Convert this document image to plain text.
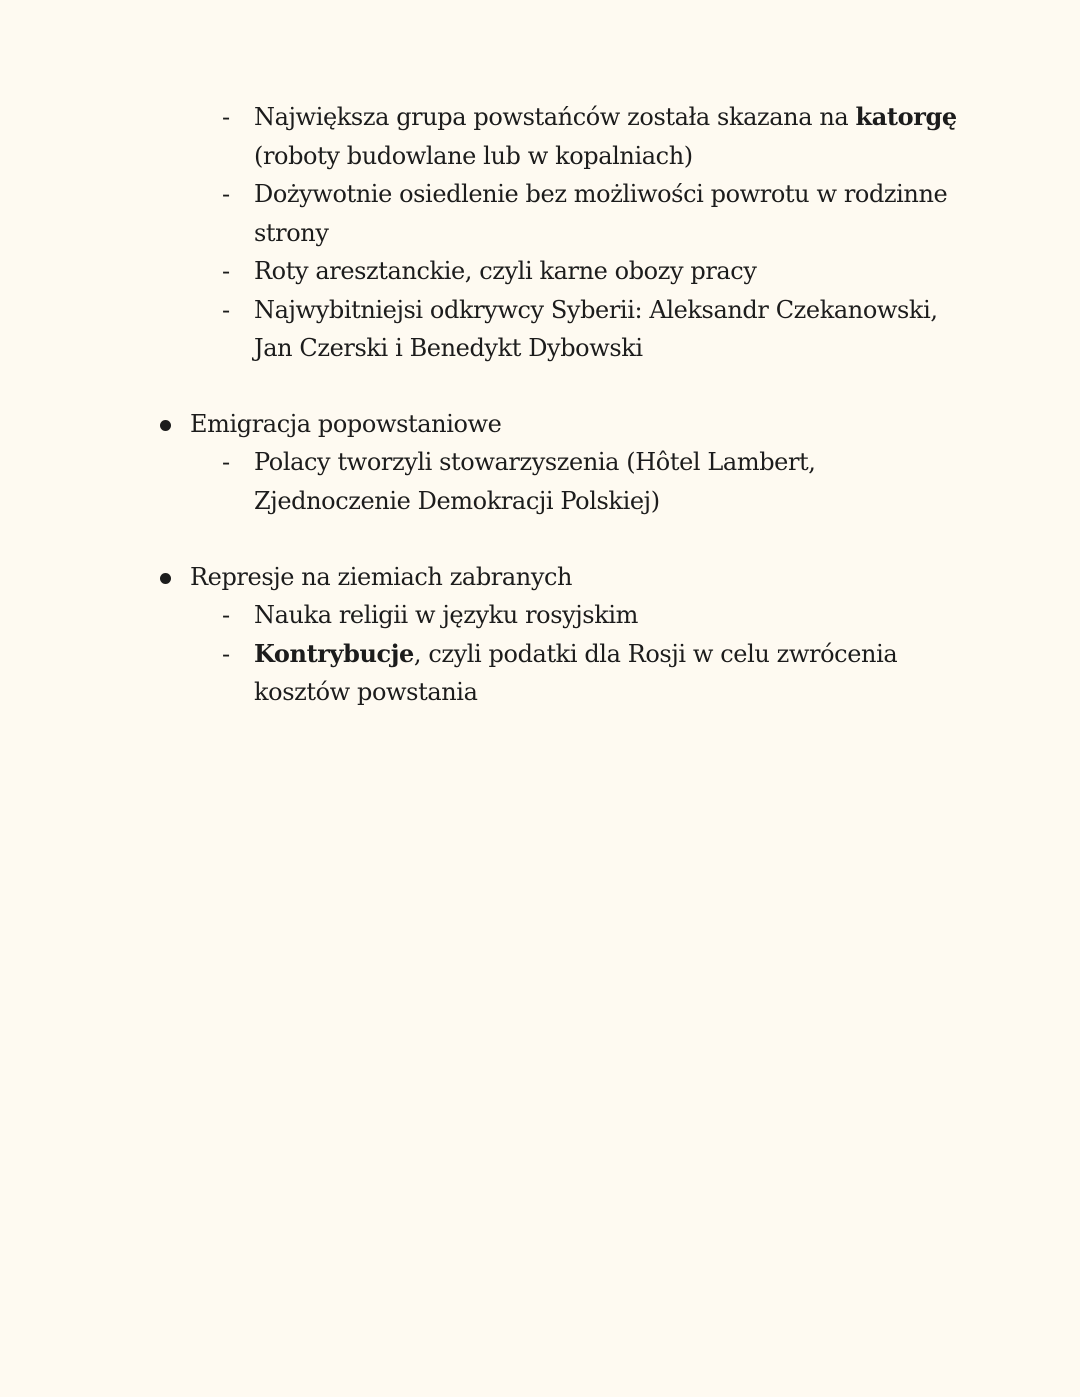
- Największa grupa powstańców została skazana na katorgę (roboty budowlane lub w kopalniach)
- Dożywotnie osiedlenie bez możliwości powrotu w rodzinne strony
- Roty aresztanckie, czyli karne obozy pracy
- Najwybitniejsi odkrywcy Syberii: Aleksandr Czekanowski, Jan Czerski i Benedykt Dybowski
Emigracja popowstaniowe
- Polacy tworzyli stowarzyszenia (Hôtel Lambert, Zjednoczenie Demokracji Polskiej)
Represje na ziemiach zabranych
- Nauka religii w języku rosyjskim
- Kontrybucje, czyli podatki dla Rosji w celu zwrócenia kosztów powstania
